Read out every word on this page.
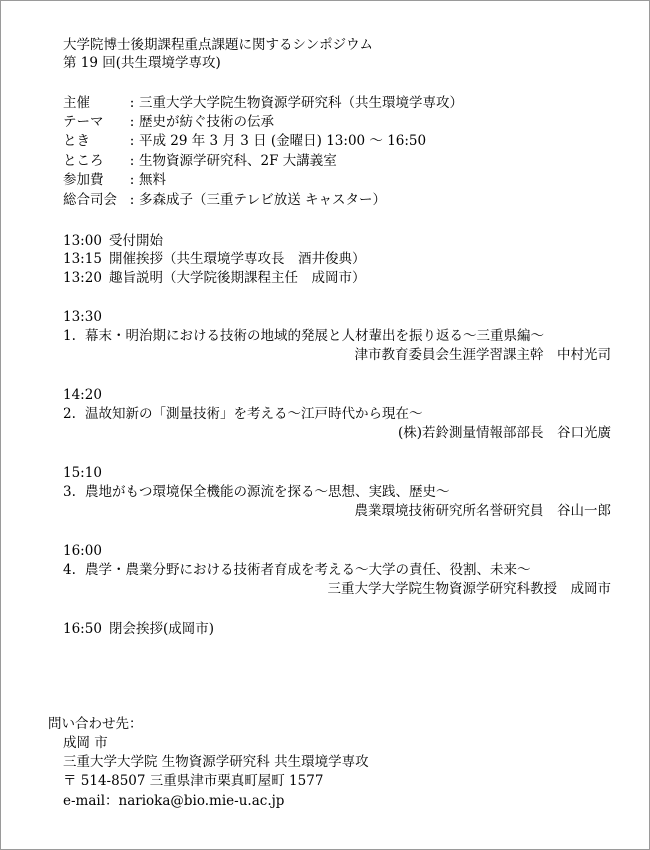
大学院博士後期課程重点課題に関するシンポジウム
第 19 回(共生環境学専攻)
主催	: 三重大学大学院生物資源学研究科（共生環境学専攻）
テーマ : 歴史が紡ぐ技術の伝承
とき	: 平成 29 年 3 月 3 日 (金曜日) 13:00 〜 16:50
ところ : 生物資源学研究科、2F 大講義室
参加費 : 無料
総合司会 : 多森成子（三重テレビ放送 キャスター）
13:00 受付開始
13:15 開催挨拶（共生環境学専攻長　酒井俊典）
13:20 趣旨説明（大学院後期課程主任　成岡市）
13:30
1. 幕末・明治期における技術の地域的発展と人材輩出を振り返る〜三重県編〜
津市教育委員会生涯学習課主幹　中村光司
14:20
2. 温故知新の「測量技術」を考える〜江戸時代から現在〜
(株)若鈴測量情報部部長　谷口光廣
15:10
3. 農地がもつ環境保全機能の源流を探る〜思想、実践、歴史〜
農業環境技術研究所名誉研究員　谷山一郎
16:00
4. 農学・農業分野における技術者育成を考える〜大学の責任、役割、未来〜
三重大学大学院生物資源学研究科教授　成岡市
16:50 閉会挨拶(成岡市)
問い合わせ先：
成岡 市
三重大学大学院 生物資源学研究科 共生環境学専攻
〒 514-8507 三重県津市栗真町屋町 1577
e-mail：narioka@bio.mie-u.ac.jp
